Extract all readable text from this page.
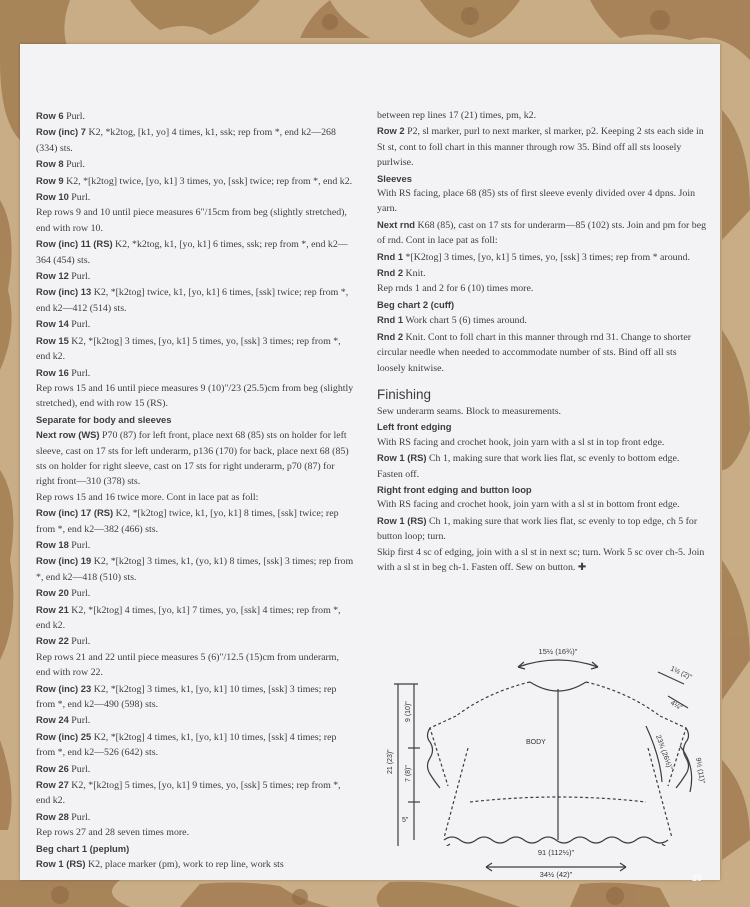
Row 6 Purl.
Row (inc) 7 K2, *k2tog, [k1, yo] 4 times, k1, ssk; rep from *, end k2—268 (334) sts.
Row 8 Purl.
Row 9 K2, *[k2tog] twice, [yo, k1] 3 times, yo, [ssk] twice; rep from *, end k2.
Row 10 Purl.
Rep rows 9 and 10 until piece measures 6"/15cm from beg (slightly stretched), end with row 10.
Row (inc) 11 (RS) K2, *k2tog, k1, [yo, k1] 6 times, ssk; rep from *, end k2—364 (454) sts.
Row 12 Purl.
Row (inc) 13 K2, *[k2tog] twice, k1, [yo, k1] 6 times, [ssk] twice; rep from *, end k2—412 (514) sts.
Row 14 Purl.
Row 15 K2, *[k2tog] 3 times, [yo, k1] 5 times, yo, [ssk] 3 times; rep from *, end k2.
Row 16 Purl.
Rep rows 15 and 16 until piece measures 9 (10)"/23 (25.5)cm from beg (slightly stretched), end with row 15 (RS).
Separate for body and sleeves
Next row (WS) P70 (87) for left front, place next 68 (85) sts on holder for left sleeve, cast on 17 sts for left underarm, p136 (170) for back, place next 68 (85) sts on holder for right sleeve, cast on 17 sts for right underarm, p70 (87) for right front—310 (378) sts.
Rep rows 15 and 16 twice more. Cont in lace pat as foll:
Row (inc) 17 (RS) K2, *[k2tog] twice, k1, [yo, k1] 8 times, [ssk] twice; rep from *, end k2—382 (466) sts.
Row 18 Purl.
Row (inc) 19 K2, *[k2tog] 3 times, k1, (yo, k1) 8 times, [ssk] 3 times; rep from *, end k2—418 (510) sts.
Row 20 Purl.
Row 21 K2, *[k2tog] 4 times, [yo, k1] 7 times, yo, [ssk] 4 times; rep from *, end k2.
Row 22 Purl.
Rep rows 21 and 22 until piece measures 5 (6)"/12.5 (15)cm from underarm, end with row 22.
Row (inc) 23 K2, *[k2tog] 3 times, k1, [yo, k1] 10 times, [ssk] 3 times; rep from *, end k2—490 (598) sts.
Row 24 Purl.
Row (inc) 25 K2, *[k2tog] 4 times, k1, [yo, k1] 10 times, [ssk] 4 times; rep from *, end k2—526 (642) sts.
Row 26 Purl.
Row 27 K2, *[k2tog] 5 times, [yo, k1] 9 times, yo, [ssk] 5 times; rep from *, end k2.
Row 28 Purl.
Rep rows 27 and 28 seven times more.
Beg chart 1 (peplum)
Row 1 (RS) K2, place marker (pm), work to rep line, work sts
between rep lines 17 (21) times, pm, k2.
Row 2 P2, sl marker, purl to next marker, sl marker, p2. Keeping 2 sts each side in St st, cont to foll chart in this manner through row 35. Bind off all sts loosely purlwise.
Sleeves
With RS facing, place 68 (85) sts of first sleeve evenly divided over 4 dpns. Join yarn.
Next rnd K68 (85), cast on 17 sts for underarm—85 (102) sts. Join and pm for beg of rnd. Cont in lace pat as foll:
Rnd 1 *[K2tog] 3 times, [yo, k1] 5 times, yo, [ssk] 3 times; rep from * around.
Rnd 2 Knit.
Rep rnds 1 and 2 for 6 (10) times more.
Beg chart 2 (cuff)
Rnd 1 Work chart 5 (6) times around.
Rnd 2 Knit. Cont to foll chart in this manner through rnd 31. Change to shorter circular needle when needed to accommodate number of sts. Bind off all sts loosely knitwise.
Finishing
Sew underarm seams. Block to measurements.
Left front edging
With RS facing and crochet hook, join yarn with a sl st in top front edge.
Row 1 (RS) Ch 1, making sure that work lies flat, sc evenly to bottom edge. Fasten off.
Right front edging and button loop
With RS facing and crochet hook, join yarn with a sl st in bottom front edge.
Row 1 (RS) Ch 1, making sure that work lies flat, sc evenly to top edge, ch 5 for button loop; turn.
Skip first 4 sc of edging, join with a sl st in next sc; turn. Work 5 sc over ch-5. Join with a sl st in beg ch-1. Fasten off. Sew on button. ✚
15½ (16¾)"
1½ (2)"
4⅛"
23¾ (26½)"	9½ (11)"
BODY
21 (23)"
9 (10)"
7 (8)"
5"
91 (112½)"
34½ (42)"	29
